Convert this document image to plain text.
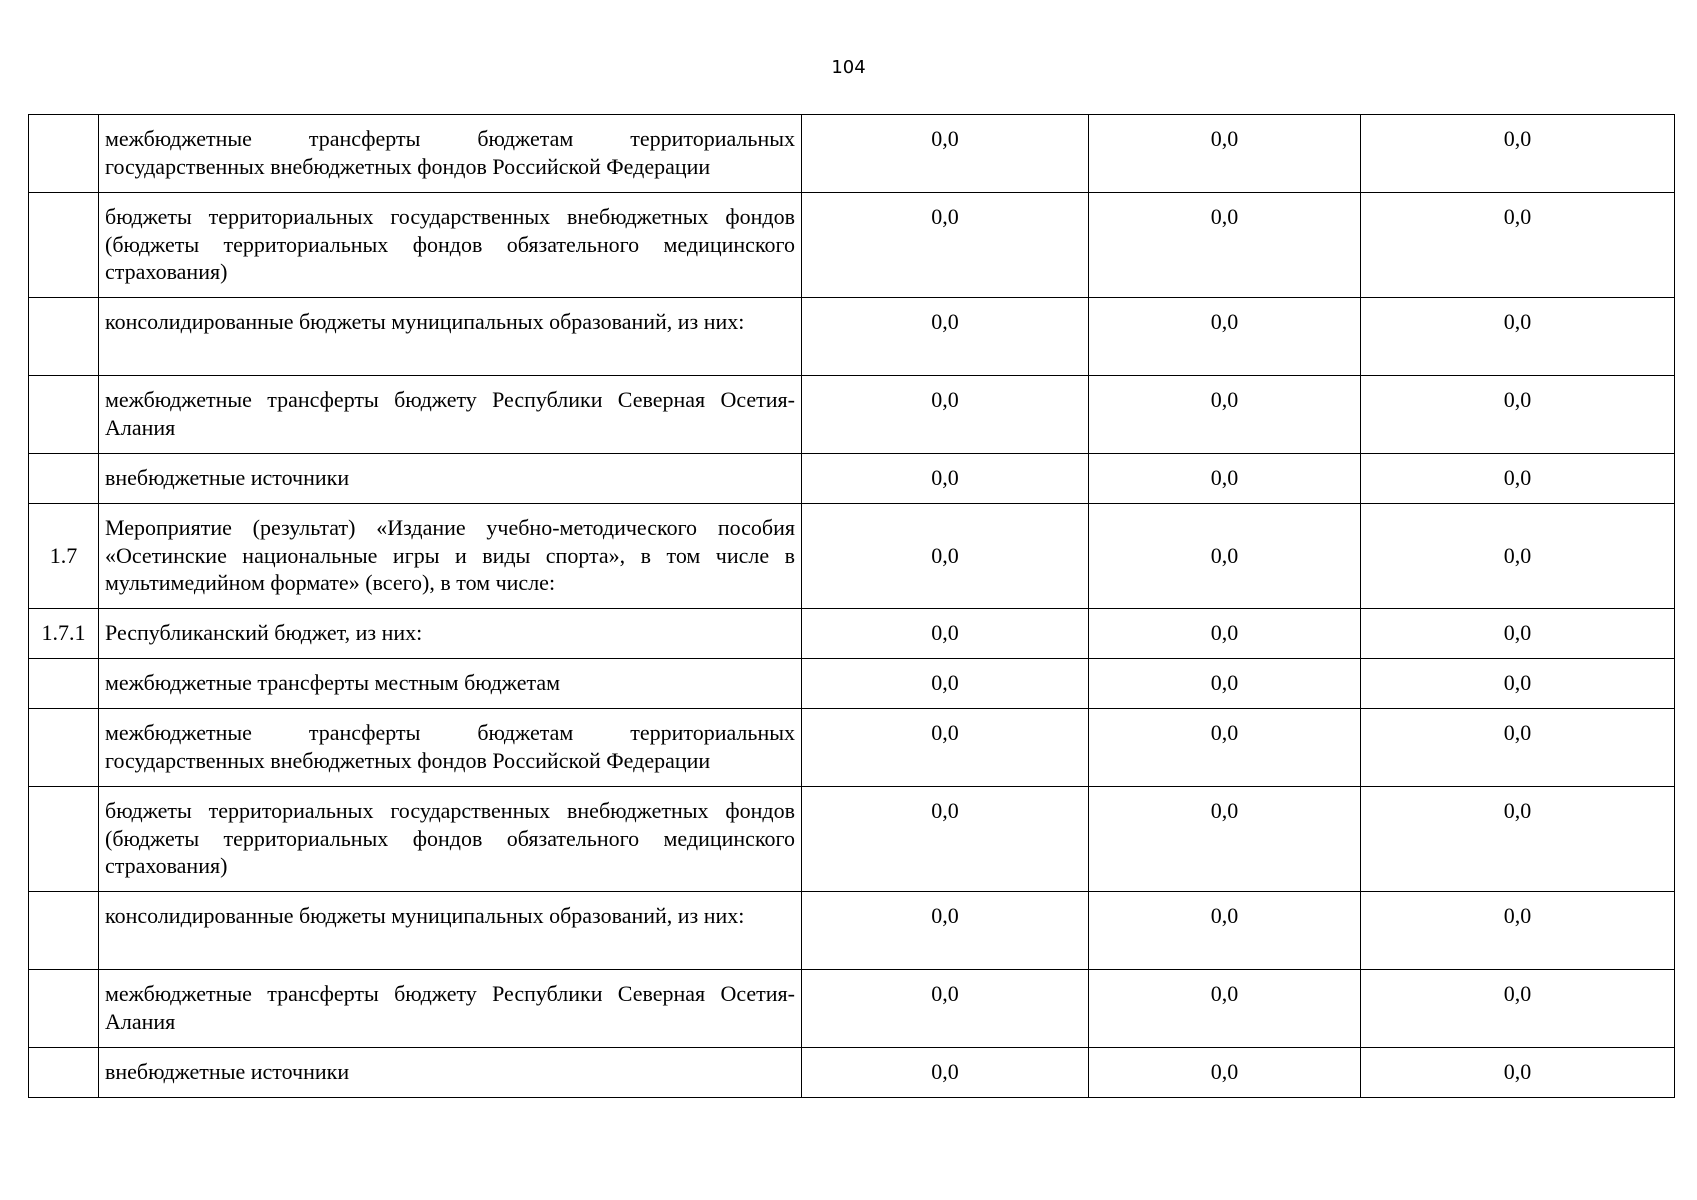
104
	межбюджетные трансферты бюджетам территориальных государственных внебюджетных фондов Российской Федерации	0,0	0,0	0,0
	бюджеты территориальных государственных внебюджетных фондов (бюджеты территориальных фондов обязательного медицинского страхования)	0,0	0,0	0,0
	консолидированные бюджеты муниципальных образований, из них:	0,0	0,0	0,0
	межбюджетные трансферты бюджету Республики Северная Осетия-Алания	0,0	0,0	0,0
	внебюджетные источники	0,0	0,0	0,0
1.7	Мероприятие (результат) «Издание учебно-методического пособия «Осетинские национальные игры и виды спорта», в том числе в мультимедийном формате» (всего), в том числе:	0,0	0,0	0,0
1.7.1	Республиканский бюджет, из них:	0,0	0,0	0,0
	межбюджетные трансферты местным бюджетам	0,0	0,0	0,0
	межбюджетные трансферты бюджетам территориальных государственных внебюджетных фондов Российской Федерации	0,0	0,0	0,0
	бюджеты территориальных государственных внебюджетных фондов (бюджеты территориальных фондов обязательного медицинского страхования)	0,0	0,0	0,0
	консолидированные бюджеты муниципальных образований, из них:	0,0	0,0	0,0
	межбюджетные трансферты бюджету Республики Северная Осетия-Алания	0,0	0,0	0,0
	внебюджетные источники	0,0	0,0	0,0
